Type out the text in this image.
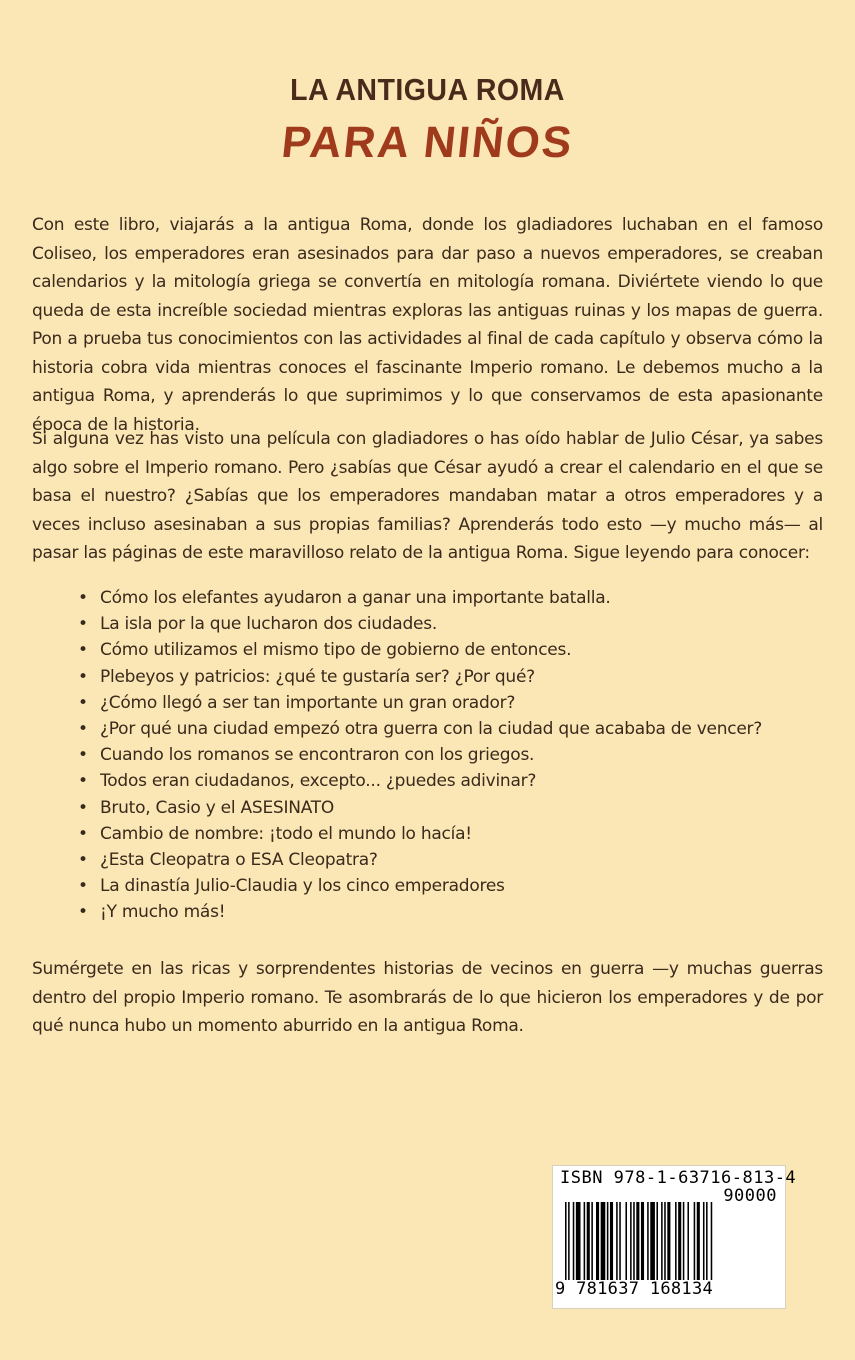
LA ANTIGUA ROMA
PARA NIÑOS

Con este libro, viajarás a la antigua Roma, donde los gladiadores luchaban en el famoso Coliseo, los emperadores eran asesinados para dar paso a nuevos emperadores, se creaban calendarios y la mitología griega se convertía en mitología romana. Diviértete viendo lo que queda de esta increíble sociedad mientras exploras las antiguas ruinas y los mapas de guerra. Pon a prueba tus conocimientos con las actividades al final de cada capítulo y observa cómo la historia cobra vida mientras conoces el fascinante Imperio romano. Le debemos mucho a la antigua Roma, y aprenderás lo que suprimimos y lo que conservamos de esta apasionante época de la historia.

Si alguna vez has visto una película con gladiadores o has oído hablar de Julio César, ya sabes algo sobre el Imperio romano. Pero ¿sabías que César ayudó a crear el calendario en el que se basa el nuestro? ¿Sabías que los emperadores mandaban matar a otros emperadores y a veces incluso asesinaban a sus propias familias? Aprenderás todo esto —y mucho más— al pasar las páginas de este maravilloso relato de la antigua Roma. Sigue leyendo para conocer:

• Cómo los elefantes ayudaron a ganar una importante batalla.
• La isla por la que lucharon dos ciudades.
• Cómo utilizamos el mismo tipo de gobierno de entonces.
• Plebeyos y patricios: ¿qué te gustaría ser? ¿Por qué?
• ¿Cómo llegó a ser tan importante un gran orador?
• ¿Por qué una ciudad empezó otra guerra con la ciudad que acababa de vencer?
• Cuando los romanos se encontraron con los griegos.
• Todos eran ciudadanos, excepto... ¿puedes adivinar?
• Bruto, Casio y el ASESINATO
• Cambio de nombre: ¡todo el mundo lo hacía!
• ¿Esta Cleopatra o ESA Cleopatra?
• La dinastía Julio-Claudia y los cinco emperadores
• ¡Y mucho más!

Sumérgete en las ricas y sorprendentes historias de vecinos en guerra —y muchas guerras dentro del propio Imperio romano. Te asombrarás de lo que hicieron los emperadores y de por qué nunca hubo un momento aburrido en la antigua Roma.

ISBN 978-1-63716-813-4
90000
9 781637 168134
